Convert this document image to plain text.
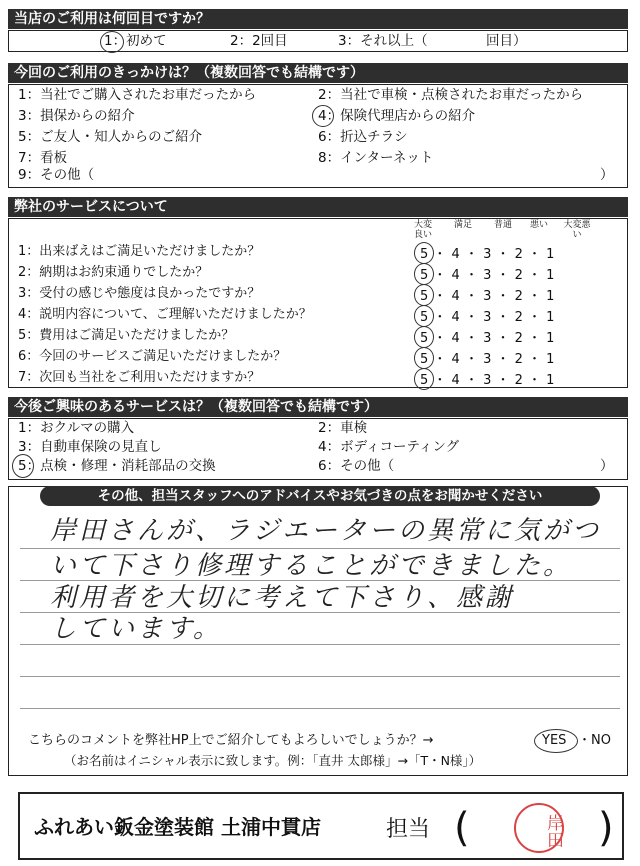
当店のご利用は何回目ですか？
1：初めて	2：2回目	3：それ以上（	回目）
今回のご利用のきっかけは？（複数回答でも結構です）
1：当社でご購入されたお車だったから	2：当社で車検・点検されたお車だったから
3：損保からの紹介	4：保険代理店からの紹介
5：ご友人・知人からのご紹介	6：折込チラシ
7：看板	8：インターネット
9：その他（	）
弊社のサービスについて
大変良い
満足	普通	悪い	大変悪い
1：出来ばえはご満足いただけましたか？	5 ・ 4 ・ 3 ・ 2 ・ 1
2：納期はお約束通りでしたか？	5 ・ 4 ・ 3 ・ 2 ・ 1
3：受付の感じや態度は良かったですか？	5 ・ 4 ・ 3 ・ 2 ・ 1
4：説明内容について、ご理解いただけましたか？	5 ・ 4 ・ 3 ・ 2 ・ 1
5：費用はご満足いただけましたか？	5 ・ 4 ・ 3 ・ 2 ・ 1
6：今回のサービスご満足いただけましたか？	5 ・ 4 ・ 3 ・ 2 ・ 1
7：次回も当社をご利用いただけますか？	5 ・ 4 ・ 3 ・ 2 ・ 1
今後ご興味のあるサービスは？（複数回答でも結構です）
1：おクルマの購入	2：車検
3：自動車保険の見直し	4：ボディコーティング
5：点検・修理・消耗部品の交換	6：その他（	）
その他、担当スタッフへのアドバイスやお気づきの点をお聞かせください
岸田さんが、ラジエーターの異常に気がつ
いて下さり修理することができました。
利用者を大切に考えて下さり、感謝
しています。
こちらのコメントを弊社HP上でご紹介してもよろしいでしょうか？→	YES ・NO
（お名前はイニシャル表示に致します。例：「直井 太郎様」→「T・N様」）
ふれあい鈑金塗装館 土浦中貫店	担当 (	)
岸田
